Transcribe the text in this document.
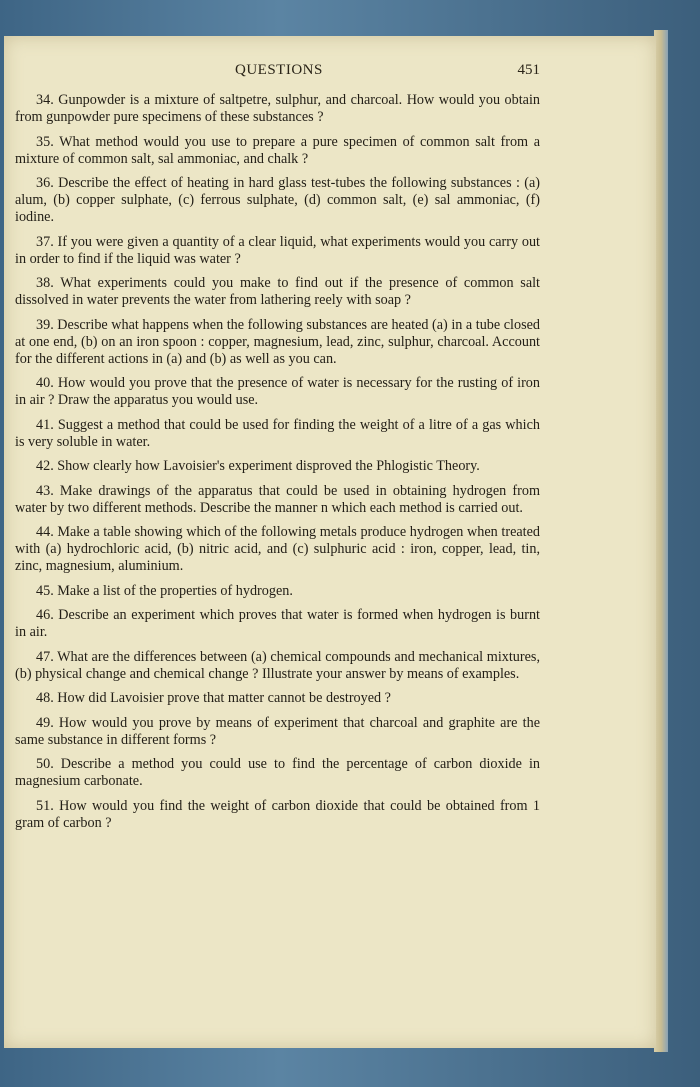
QUESTIONS	451

34. Gunpowder is a mixture of saltpetre, sulphur, and charcoal. How would you obtain from gunpowder pure specimens of these substances ?

35. What method would you use to prepare a pure specimen of common salt from a mixture of common salt, sal ammoniac, and chalk ?

36. Describe the effect of heating in hard glass test-tubes the following substances : (a) alum, (b) copper sulphate, (c) ferrous sulphate, (d) common salt, (e) sal ammoniac, (f) iodine.

37. If you were given a quantity of a clear liquid, what experiments would you carry out in order to find if the liquid was water ?

38. What experiments could you make to find out if the presence of common salt dissolved in water prevents the water from lathering reely with soap ?

39. Describe what happens when the following substances are heated (a) in a tube closed at one end, (b) on an iron spoon : copper, magnesium, lead, zinc, sulphur, charcoal. Account for the different actions in (a) and (b) as well as you can.

40. How would you prove that the presence of water is necessary for the rusting of iron in air ? Draw the apparatus you would use.

41. Suggest a method that could be used for finding the weight of a litre of a gas which is very soluble in water.

42. Show clearly how Lavoisier's experiment disproved the Phlogistic Theory.

43. Make drawings of the apparatus that could be used in obtaining hydrogen from water by two different methods. Describe the manner n which each method is carried out.

44. Make a table showing which of the following metals produce hydrogen when treated with (a) hydrochloric acid, (b) nitric acid, and (c) sulphuric acid : iron, copper, lead, tin, zinc, magnesium, aluminium.

45. Make a list of the properties of hydrogen.

46. Describe an experiment which proves that water is formed when hydrogen is burnt in air.

47. What are the differences between (a) chemical compounds and mechanical mixtures, (b) physical change and chemical change ? Illustrate your answer by means of examples.

48. How did Lavoisier prove that matter cannot be destroyed ?

49. How would you prove by means of experiment that charcoal and graphite are the same substance in different forms ?

50. Describe a method you could use to find the percentage of carbon dioxide in magnesium carbonate.

51. How would you find the weight of carbon dioxide that could be obtained from 1 gram of carbon ?
